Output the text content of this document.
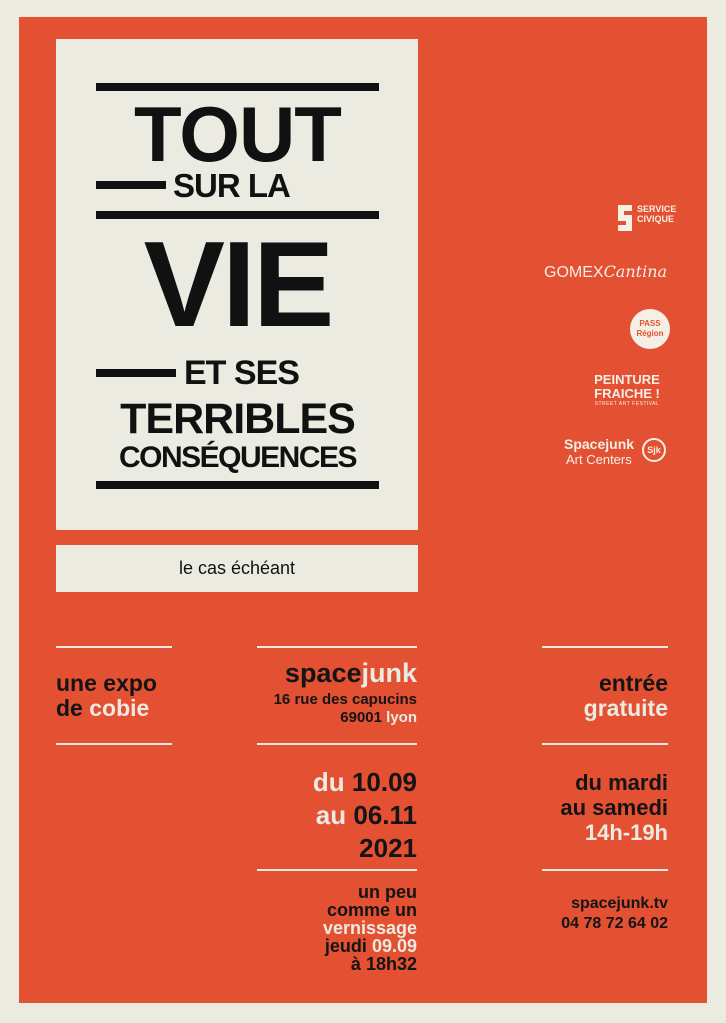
TOUT
SUR LA
VIE
ET SES
TERRIBLES
CONSÉQUENCES
le cas échéant
une expo
de cobie
spacejunk
16 rue des capucins
69001 lyon
entrée
gratuite
du 10.09
au 06.11
2021
du mardi
au samedi
14h-19h
un peu
comme un
vernissage
jeudi 09.09
à 18h32
spacejunk.tv
04 78 72 64 02
SERVICE
CIVIQUE
GOMEXCantina
PASS
Région
PEINTURE
FRAICHE !
STREET ART FESTIVAL
Spacejunk
Art Centers
Sjk
